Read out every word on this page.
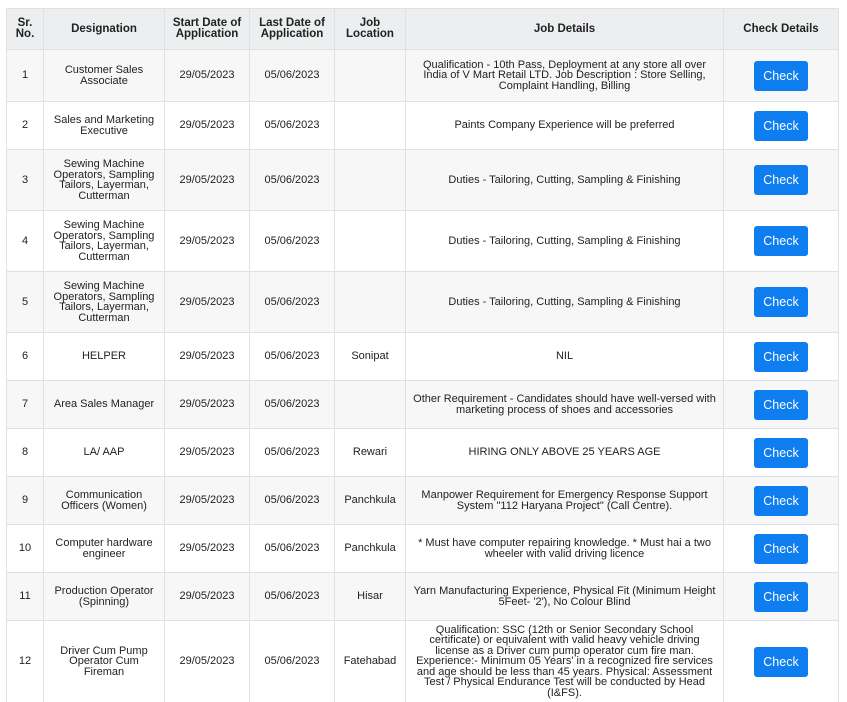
Sr. No.	Designation	Start Date of Application	Last Date of Application	Job Location	Job Details	Check Details
1	Customer Sales Associate	29/05/2023	05/06/2023		Qualification - 10th Pass, Deployment at any store all over India of V Mart Retail LTD. Job Description : Store Selling, Complaint Handling, Billing	Check
2	Sales and Marketing Executive	29/05/2023	05/06/2023		Paints Company Experience will be preferred	Check
3	Sewing Machine Operators, Sampling Tailors, Layerman, Cutterman	29/05/2023	05/06/2023		Duties - Tailoring, Cutting, Sampling & Finishing	Check
4	Sewing Machine Operators, Sampling Tailors, Layerman, Cutterman	29/05/2023	05/06/2023		Duties - Tailoring, Cutting, Sampling & Finishing	Check
5	Sewing Machine Operators, Sampling Tailors, Layerman, Cutterman	29/05/2023	05/06/2023		Duties - Tailoring, Cutting, Sampling & Finishing	Check
6	HELPER	29/05/2023	05/06/2023	Sonipat	NIL	Check
7	Area Sales Manager	29/05/2023	05/06/2023		Other Requirement - Candidates should have well-versed with marketing process of shoes and accessories	Check
8	LA/ AAP	29/05/2023	05/06/2023	Rewari	HIRING ONLY ABOVE 25 YEARS AGE	Check
9	Communication Officers (Women)	29/05/2023	05/06/2023	Panchkula	Manpower Requirement for Emergency Response Support System "112 Haryana Project" (Call Centre).	Check
10	Computer hardware engineer	29/05/2023	05/06/2023	Panchkula	* Must have computer repairing knowledge. * Must hai a two wheeler with valid driving licence	Check
11	Production Operator (Spinning)	29/05/2023	05/06/2023	Hisar	Yarn Manufacturing Experience, Physical Fit (Minimum Height 5Feet- '2'), No Colour Blind	Check
12	Driver Cum Pump Operator Cum Fireman	29/05/2023	05/06/2023	Fatehabad	Qualification: SSC (12th or Senior Secondary School certificate) or equivalent with valid heavy vehicle driving license as a Driver cum pump operator cum fire man. Experience:- Minimum 05 Years' in a recognized fire services and age should be less than 45 years. Physical: Assessment Test / Physical Endurance Test will be conducted by Head (I&FS).	Check
